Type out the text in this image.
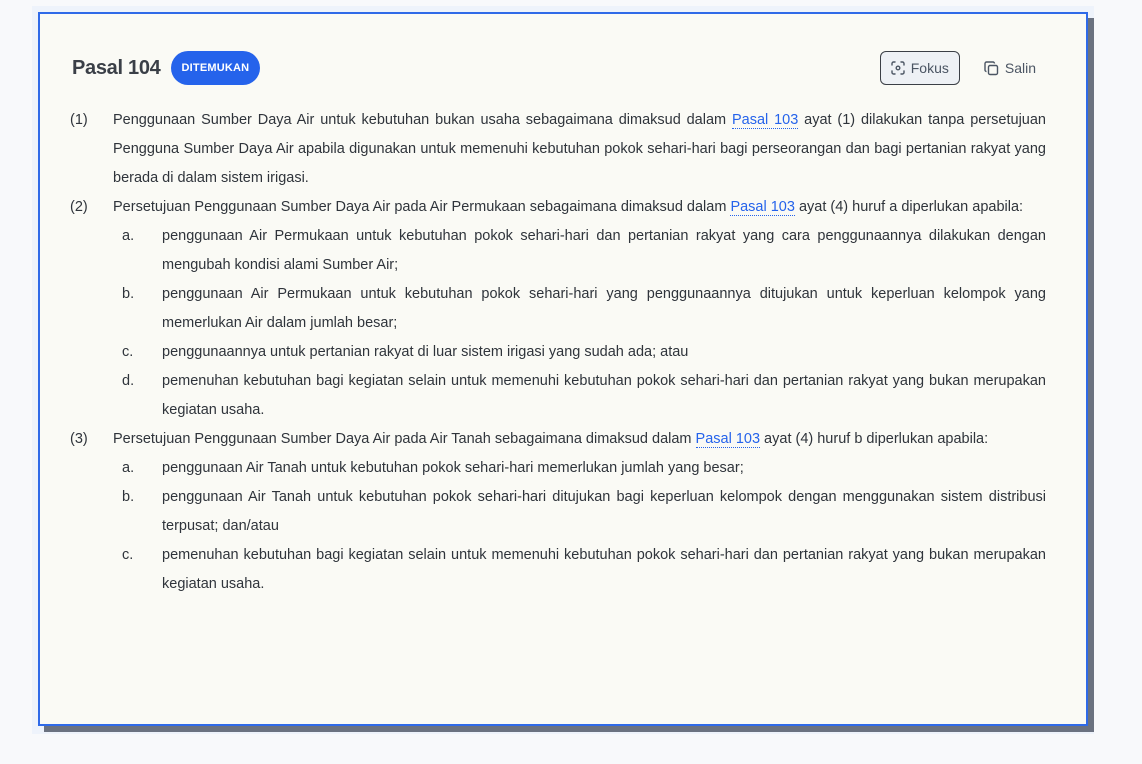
Pasal 104	DITEMUKAN	Fokus	Salin
(1)	Penggunaan Sumber Daya Air untuk kebutuhan bukan usaha sebagaimana dimaksud dalam Pasal 103 ayat (1) dilakukan tanpa persetujuan Pengguna Sumber Daya Air apabila digunakan untuk memenuhi kebutuhan pokok sehari-hari bagi perseorangan dan bagi pertanian rakyat yang berada di dalam sistem irigasi.
(2)	Persetujuan Penggunaan Sumber Daya Air pada Air Permukaan sebagaimana dimaksud dalam Pasal 103 ayat (4) huruf a diperlukan apabila:
a.	penggunaan Air Permukaan untuk kebutuhan pokok sehari-hari dan pertanian rakyat yang cara penggunaannya dilakukan dengan mengubah kondisi alami Sumber Air;
b.	penggunaan Air Permukaan untuk kebutuhan pokok sehari-hari yang penggunaannya ditujukan untuk keperluan kelompok yang memerlukan Air dalam jumlah besar;
c.	penggunaannya untuk pertanian rakyat di luar sistem irigasi yang sudah ada; atau
d.	pemenuhan kebutuhan bagi kegiatan selain untuk memenuhi kebutuhan pokok sehari-hari dan pertanian rakyat yang bukan merupakan kegiatan usaha.
(3)	Persetujuan Penggunaan Sumber Daya Air pada Air Tanah sebagaimana dimaksud dalam Pasal 103 ayat (4) huruf b diperlukan apabila:
a.	penggunaan Air Tanah untuk kebutuhan pokok sehari-hari memerlukan jumlah yang besar;
b.	penggunaan Air Tanah untuk kebutuhan pokok sehari-hari ditujukan bagi keperluan kelompok dengan menggunakan sistem distribusi terpusat; dan/atau
c.	pemenuhan kebutuhan bagi kegiatan selain untuk memenuhi kebutuhan pokok sehari-hari dan pertanian rakyat yang bukan merupakan kegiatan usaha.
